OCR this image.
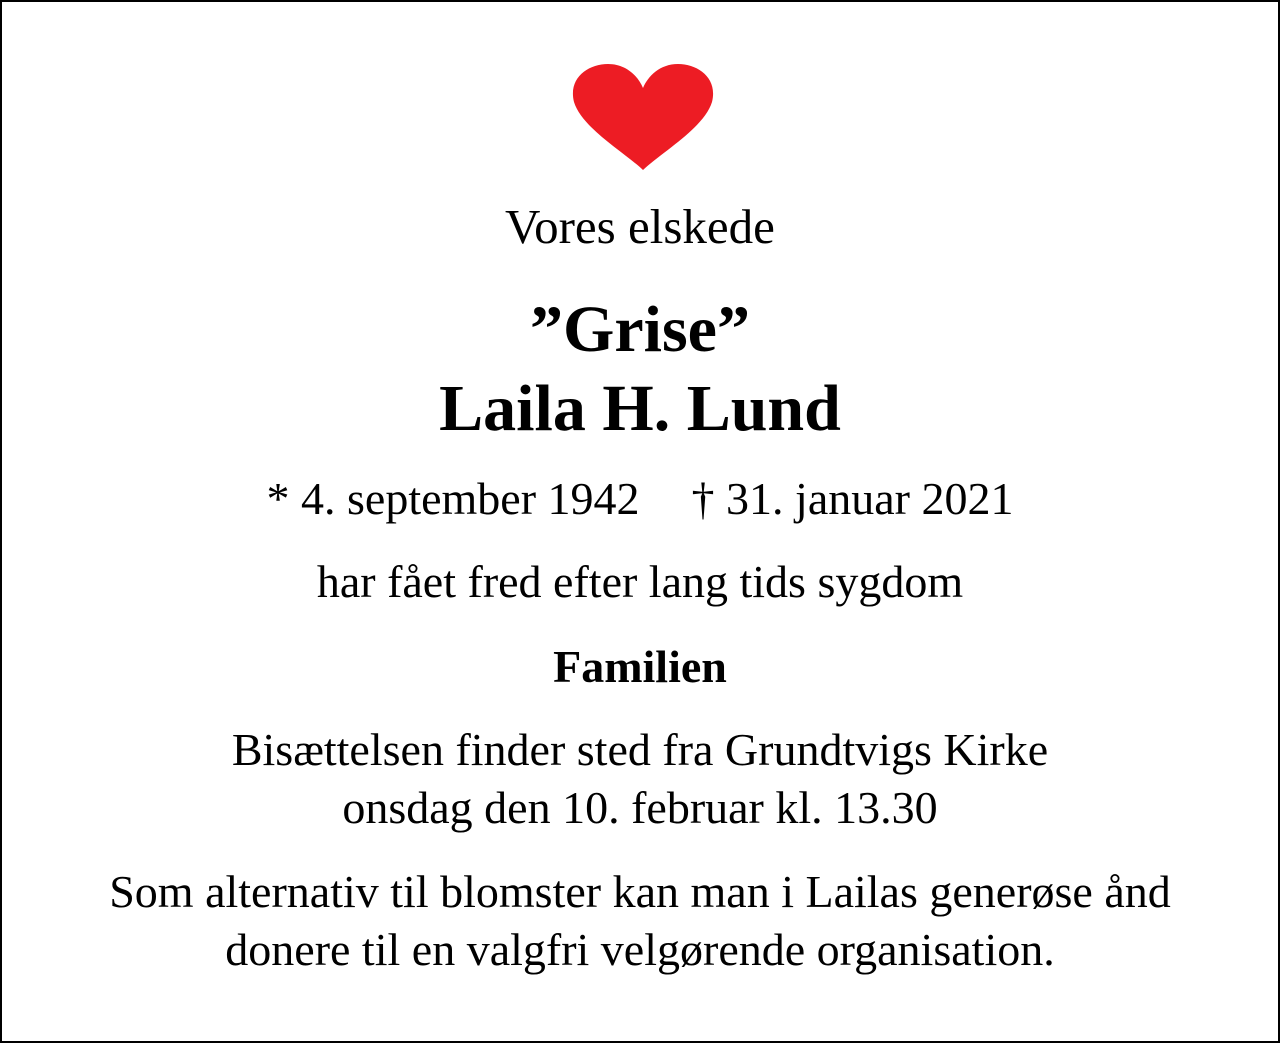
Vores elskede
”Grise”
Laila H. Lund
* 4. september 1942 † 31. januar 2021
har fået fred efter lang tids sygdom
Familien
Bisættelsen finder sted fra Grundtvigs Kirke
onsdag den 10. februar kl. 13.30
Som alternativ til blomster kan man i Lailas generøse ånd
donere til en valgfri velgørende organisation.
